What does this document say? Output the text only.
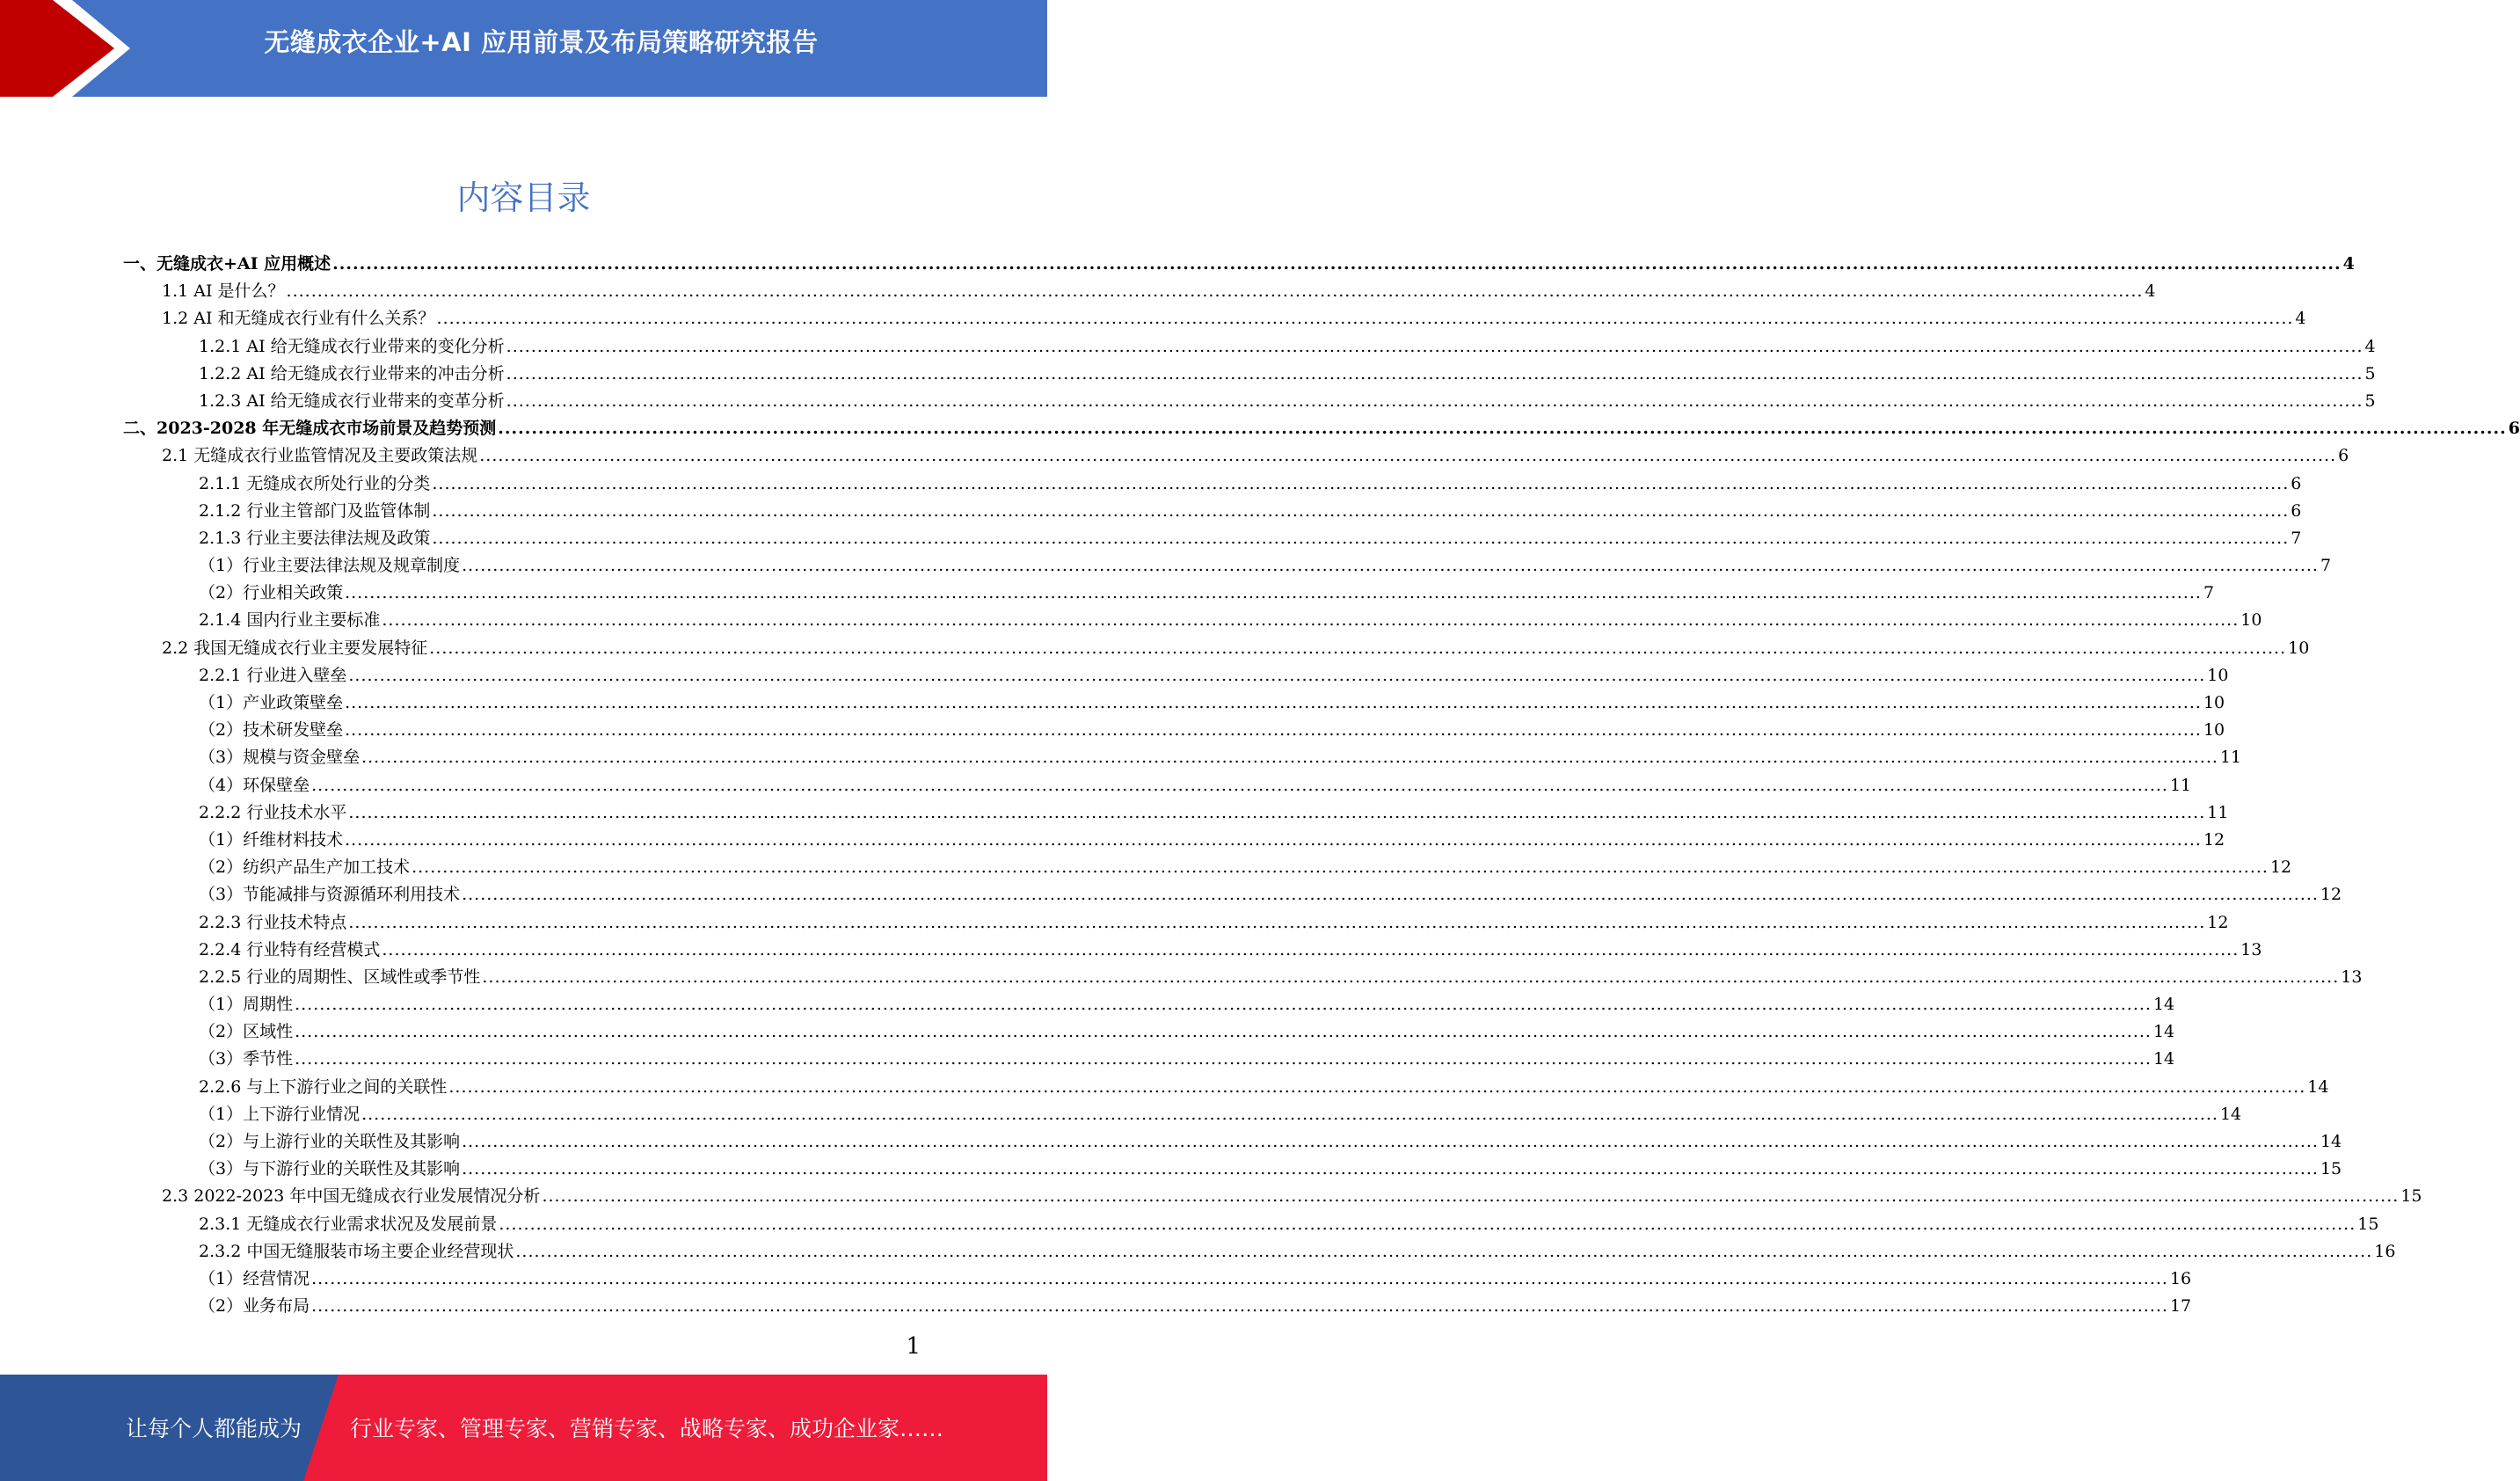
无缝成衣企业+AI 应用前景及布局策略研究报告
内容目录
一、无缝成衣+AI 应用概述 ............................................................................................................................................................................................................................................................................................................ 4
1.1 AI 是什么？ ............................................................................................................................................................................................................................................................................................................ 4
1.2 AI 和无缝成衣行业有什么关系？ ............................................................................................................................................................................................................................................................................................................ 4
1.2.1 AI 给无缝成衣行业带来的变化分析 ............................................................................................................................................................................................................................................................................................................ 4
1.2.2 AI 给无缝成衣行业带来的冲击分析 ............................................................................................................................................................................................................................................................................................................ 5
1.2.3 AI 给无缝成衣行业带来的变革分析 ............................................................................................................................................................................................................................................................................................................ 5
二、2023-2028 年无缝成衣市场前景及趋势预测 ............................................................................................................................................................................................................................................................................................................ 6
2.1 无缝成衣行业监管情况及主要政策法规 ............................................................................................................................................................................................................................................................................................................ 6
2.1.1 无缝成衣所处行业的分类 ............................................................................................................................................................................................................................................................................................................ 6
2.1.2 行业主管部门及监管体制 ............................................................................................................................................................................................................................................................................................................ 6
2.1.3 行业主要法律法规及政策 ............................................................................................................................................................................................................................................................................................................ 7
（1）行业主要法律法规及规章制度 ............................................................................................................................................................................................................................................................................................................ 7
（2）行业相关政策 ............................................................................................................................................................................................................................................................................................................ 7
2.1.4 国内行业主要标准 ............................................................................................................................................................................................................................................................................................................ 10
2.2 我国无缝成衣行业主要发展特征 ............................................................................................................................................................................................................................................................................................................ 10
2.2.1 行业进入壁垒 ............................................................................................................................................................................................................................................................................................................ 10
（1）产业政策壁垒 ............................................................................................................................................................................................................................................................................................................ 10
（2）技术研发壁垒 ............................................................................................................................................................................................................................................................................................................ 10
（3）规模与资金壁垒 ............................................................................................................................................................................................................................................................................................................ 11
（4）环保壁垒 ............................................................................................................................................................................................................................................................................................................ 11
2.2.2 行业技术水平 ............................................................................................................................................................................................................................................................................................................ 11
（1）纤维材料技术 ............................................................................................................................................................................................................................................................................................................ 12
（2）纺织产品生产加工技术 ............................................................................................................................................................................................................................................................................................................ 12
（3）节能减排与资源循环利用技术 ............................................................................................................................................................................................................................................................................................................ 12
2.2.3 行业技术特点 ............................................................................................................................................................................................................................................................................................................ 12
2.2.4 行业特有经营模式 ............................................................................................................................................................................................................................................................................................................ 13
2.2.5 行业的周期性、区域性或季节性 ............................................................................................................................................................................................................................................................................................................ 13
（1）周期性 ............................................................................................................................................................................................................................................................................................................ 14
（2）区域性 ............................................................................................................................................................................................................................................................................................................ 14
（3）季节性 ............................................................................................................................................................................................................................................................................................................ 14
2.2.6 与上下游行业之间的关联性 ............................................................................................................................................................................................................................................................................................................ 14
（1）上下游行业情况 ............................................................................................................................................................................................................................................................................................................ 14
（2）与上游行业的关联性及其影响 ............................................................................................................................................................................................................................................................................................................ 14
（3）与下游行业的关联性及其影响 ............................................................................................................................................................................................................................................................................................................ 15
2.3 2022-2023 年中国无缝成衣行业发展情况分析 ............................................................................................................................................................................................................................................................................................................ 15
2.3.1 无缝成衣行业需求状况及发展前景 ............................................................................................................................................................................................................................................................................................................ 15
2.3.2 中国无缝服装市场主要企业经营现状 ............................................................................................................................................................................................................................................................................................................ 16
（1）经营情况 ............................................................................................................................................................................................................................................................................................................ 16
（2）业务布局 ............................................................................................................................................................................................................................................................................................................ 17
1
让每个人都能成为 行业专家、管理专家、营销专家、战略专家、成功企业家……
